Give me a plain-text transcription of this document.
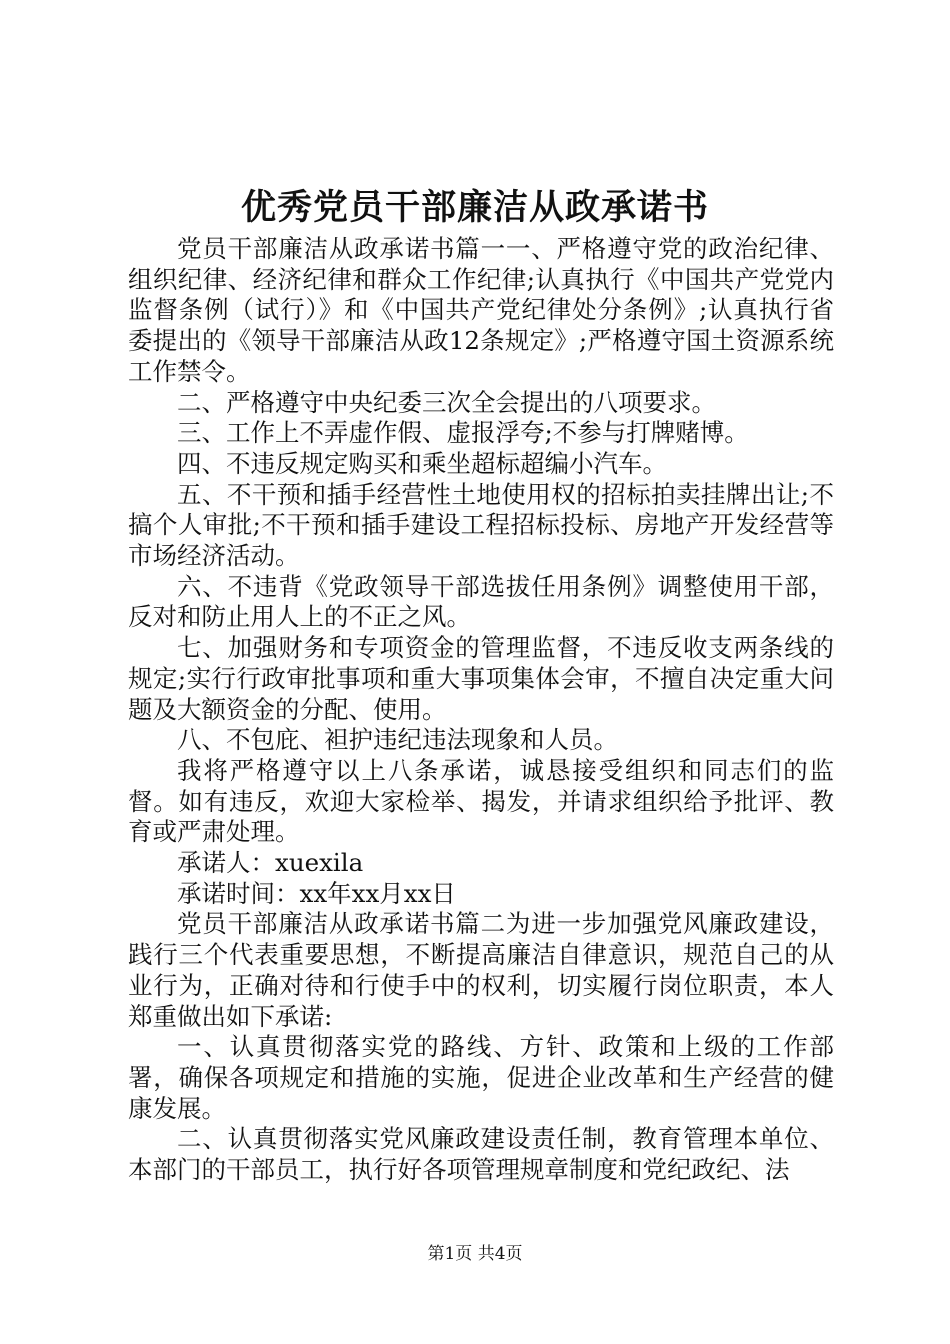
优秀党员干部廉洁从政承诺书

党员干部廉洁从政承诺书篇一一、严格遵守党的政治纪律、组织纪律、经济纪律和群众工作纪律;认真执行《中国共产党党内监督条例（试行）》和《中国共产党纪律处分条例》;认真执行省委提出的《领导干部廉洁从政12条规定》;严格遵守国土资源系统工作禁令。

二、严格遵守中央纪委三次全会提出的八项要求。

三、工作上不弄虚作假、虚报浮夸;不参与打牌赌博。

四、不违反规定购买和乘坐超标超编小汽车。

五、不干预和插手经营性土地使用权的招标拍卖挂牌出让;不搞个人审批;不干预和插手建设工程招标投标、房地产开发经营等市场经济活动。

六、不违背《党政领导干部选拔任用条例》调整使用干部，反对和防止用人上的不正之风。

七、加强财务和专项资金的管理监督，不违反收支两条线的规定;实行行政审批事项和重大事项集体会审，不擅自决定重大问题及大额资金的分配、使用。

八、不包庇、袒护违纪违法现象和人员。

我将严格遵守以上八条承诺，诚恳接受组织和同志们的监督。如有违反，欢迎大家检举、揭发，并请求组织给予批评、教育或严肃处理。

承诺人：xuexila

承诺时间：xx年xx月xx日

党员干部廉洁从政承诺书篇二为进一步加强党风廉政建设，践行三个代表重要思想，不断提高廉洁自律意识，规范自己的从业行为，正确对待和行使手中的权利，切实履行岗位职责，本人郑重做出如下承诺:

一、认真贯彻落实党的路线、方针、政策和上级的工作部署，确保各项规定和措施的实施，促进企业改革和生产经营的健康发展。

二、认真贯彻落实党风廉政建设责任制，教育管理本单位、本部门的干部员工，执行好各项管理规章制度和党纪政纪、法

第1页 共4页
